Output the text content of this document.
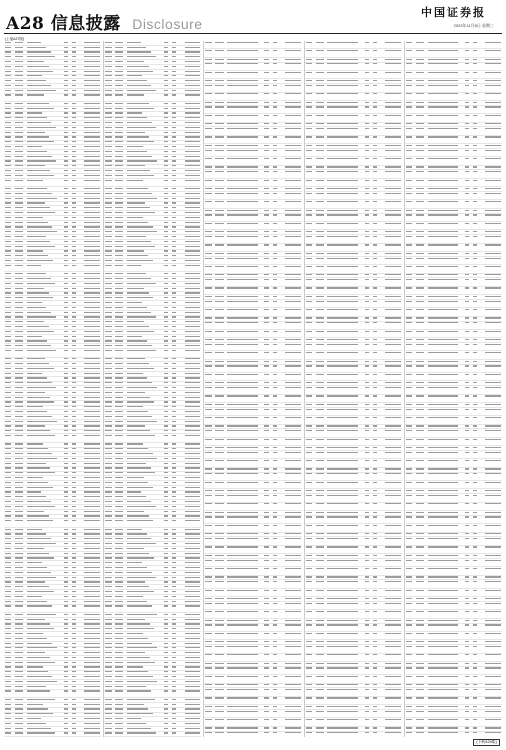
A28 信息披露 Disclosure
中国证券报
2023年11月8日 星期三
(上接A27版)
(下转A29版)
